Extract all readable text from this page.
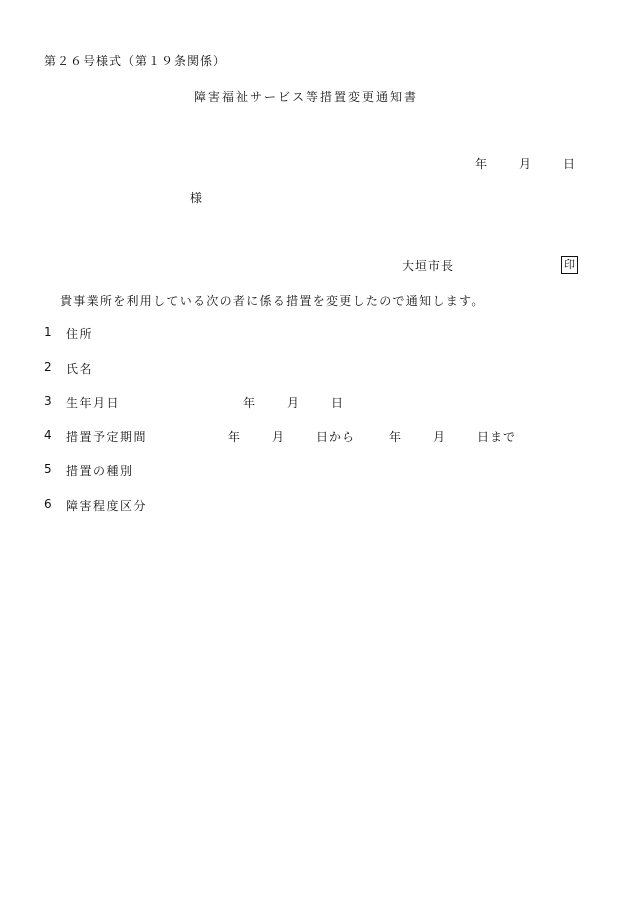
第２６号様式（第１９条関係）
障害福祉サービス等措置変更通知書
年	月	日
様
大垣市長	印
貴事業所を利用している次の者に係る措置を変更したので通知します。
1 住所
2 氏名
3 生年月日	年	月	日
4 措置予定期間	年	月	日から	年	月	日まで
5 措置の種別
6 障害程度区分
